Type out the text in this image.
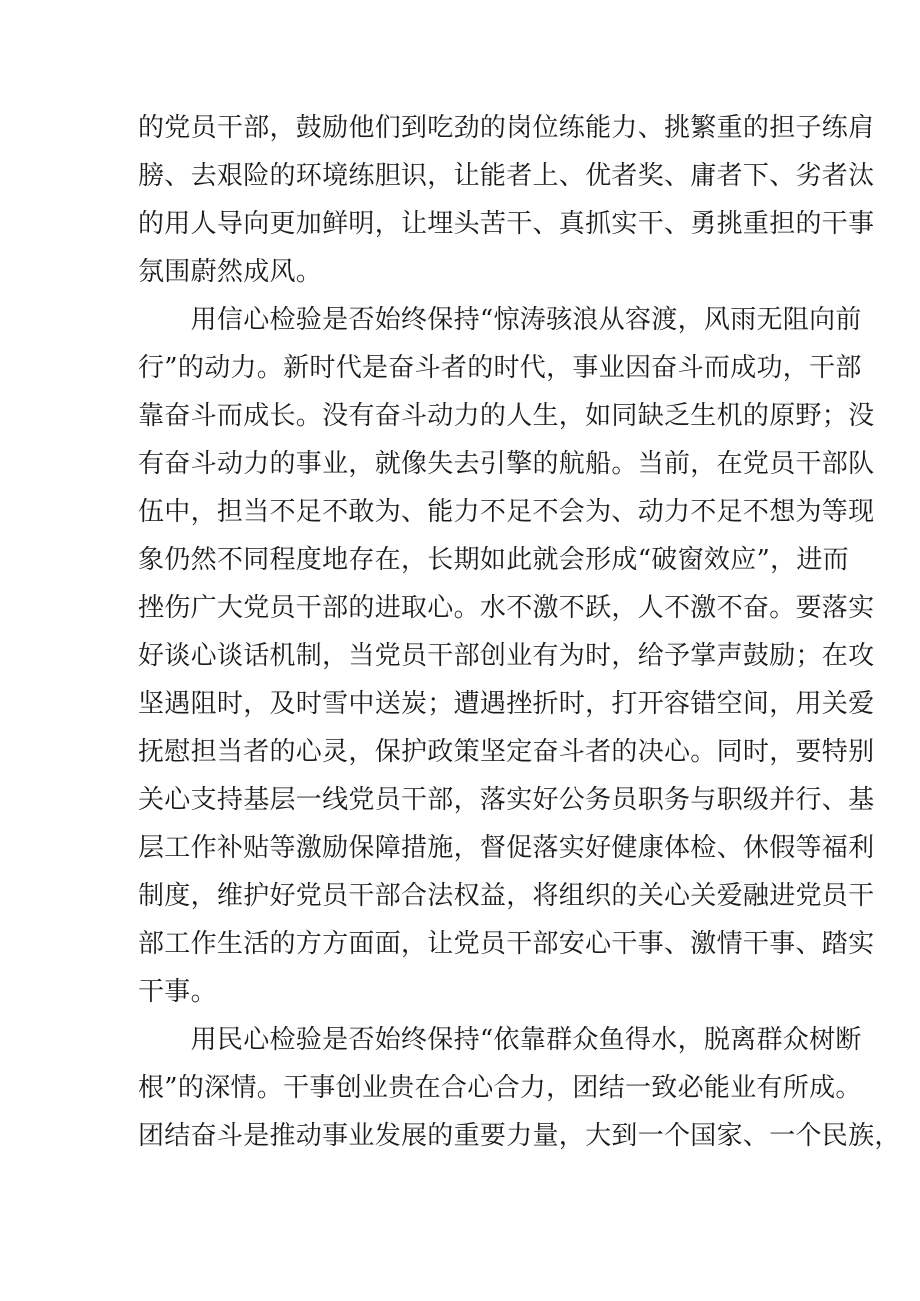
的党员干部，鼓励他们到吃劲的岗位练能力、挑繁重的担子练肩
膀、去艰险的环境练胆识，让能者上、优者奖、庸者下、劣者汰
的用人导向更加鲜明，让埋头苦干、真抓实干、勇挑重担的干事
氛围蔚然成风。
　　用信心检验是否始终保持“惊涛骇浪从容渡，风雨无阻向前
行”的动力。新时代是奋斗者的时代，事业因奋斗而成功，干部
靠奋斗而成长。没有奋斗动力的人生，如同缺乏生机的原野；没
有奋斗动力的事业，就像失去引擎的航船。当前，在党员干部队
伍中，担当不足不敢为、能力不足不会为、动力不足不想为等现
象仍然不同程度地存在，长期如此就会形成“破窗效应”，进而
挫伤广大党员干部的进取心。水不激不跃，人不激不奋。要落实
好谈心谈话机制，当党员干部创业有为时，给予掌声鼓励；在攻
坚遇阻时，及时雪中送炭；遭遇挫折时，打开容错空间，用关爱
抚慰担当者的心灵，保护政策坚定奋斗者的决心。同时，要特别
关心支持基层一线党员干部，落实好公务员职务与职级并行、基
层工作补贴等激励保障措施，督促落实好健康体检、休假等福利
制度，维护好党员干部合法权益，将组织的关心关爱融进党员干
部工作生活的方方面面，让党员干部安心干事、激情干事、踏实
干事。
　　用民心检验是否始终保持“依靠群众鱼得水，脱离群众树断
根”的深情。干事创业贵在合心合力，团结一致必能业有所成。
团结奋斗是推动事业发展的重要力量，大到一个国家、一个民族，
